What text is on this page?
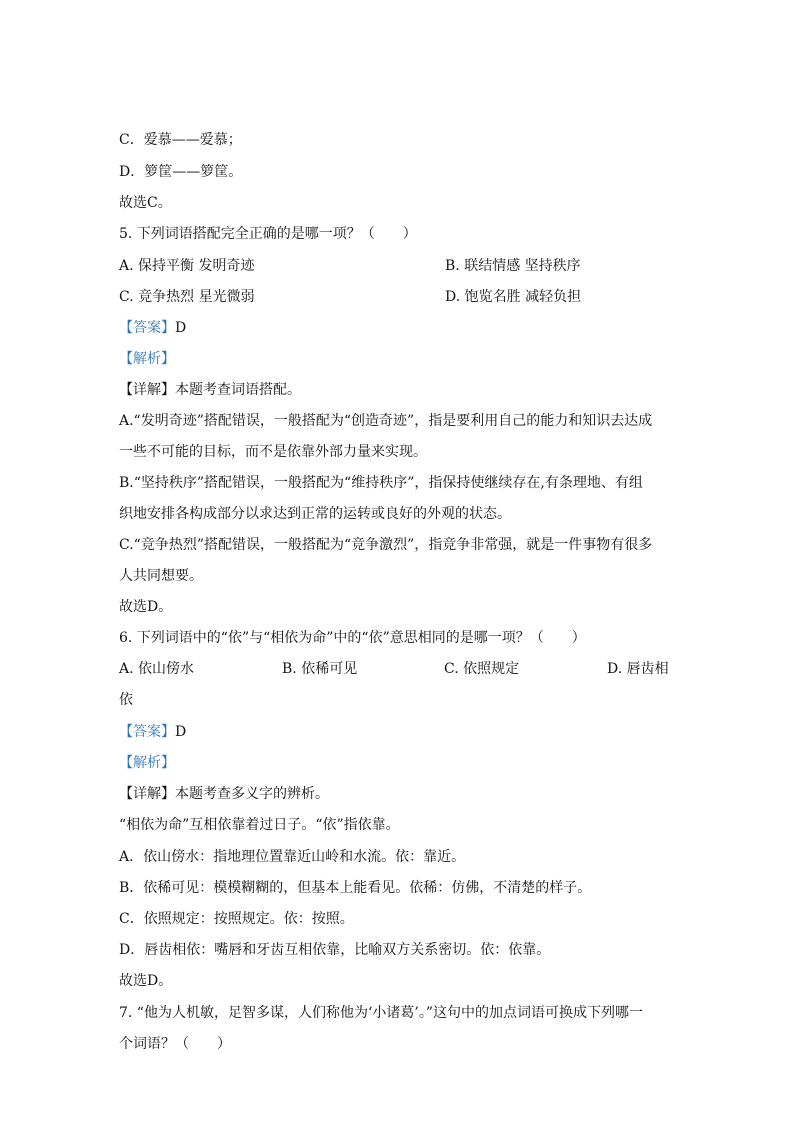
C．爱慕——爱慕；

D．箩筐——箩筐。

故选C。

5. 下列词语搭配完全正确的是哪一项？（　　）

A. 保持平衡 发明奇迹	B. 联结情感 坚持秩序
C. 竞争热烈 星光微弱	D. 饱览名胜 减轻负担

【答案】D

【解析】

【详解】本题考查词语搭配。

A.“发明奇迹”搭配错误，一般搭配为“创造奇迹”，指是要利用自己的能力和知识去达成

一些不可能的目标，而不是依靠外部力量来实现。

B.“坚持秩序”搭配错误，一般搭配为“维持秩序”，指保持使继续存在,有条理地、有组

织地安排各构成部分以求达到正常的运转或良好的外观的状态。

C.“竞争热烈”搭配错误，一般搭配为“竞争激烈”，指竞争非常强，就是一件事物有很多

人共同想要。

故选D。

6. 下列词语中的“依”与“相依为命”中的“依”意思相同的是哪一项？（　　）

A. 依山傍水	B. 依稀可见	C. 依照规定	D. 唇齿相

依

【答案】D

【解析】

【详解】本题考查多义字的辨析。

“相依为命”互相依靠着过日子。“依”指依靠。

A．依山傍水：指地理位置靠近山岭和水流。依：靠近。

B．依稀可见：模模糊糊的，但基本上能看见。依稀：仿佛，不清楚的样子。

C．依照规定：按照规定。依：按照。

D．唇齿相依：嘴唇和牙齿互相依靠，比喻双方关系密切。依：依靠。

故选D。

7. “他为人机敏，足智多谋，人们称他为‘小诸葛’。”这句中的加点词语可换成下列哪一

个词语？（　　）
